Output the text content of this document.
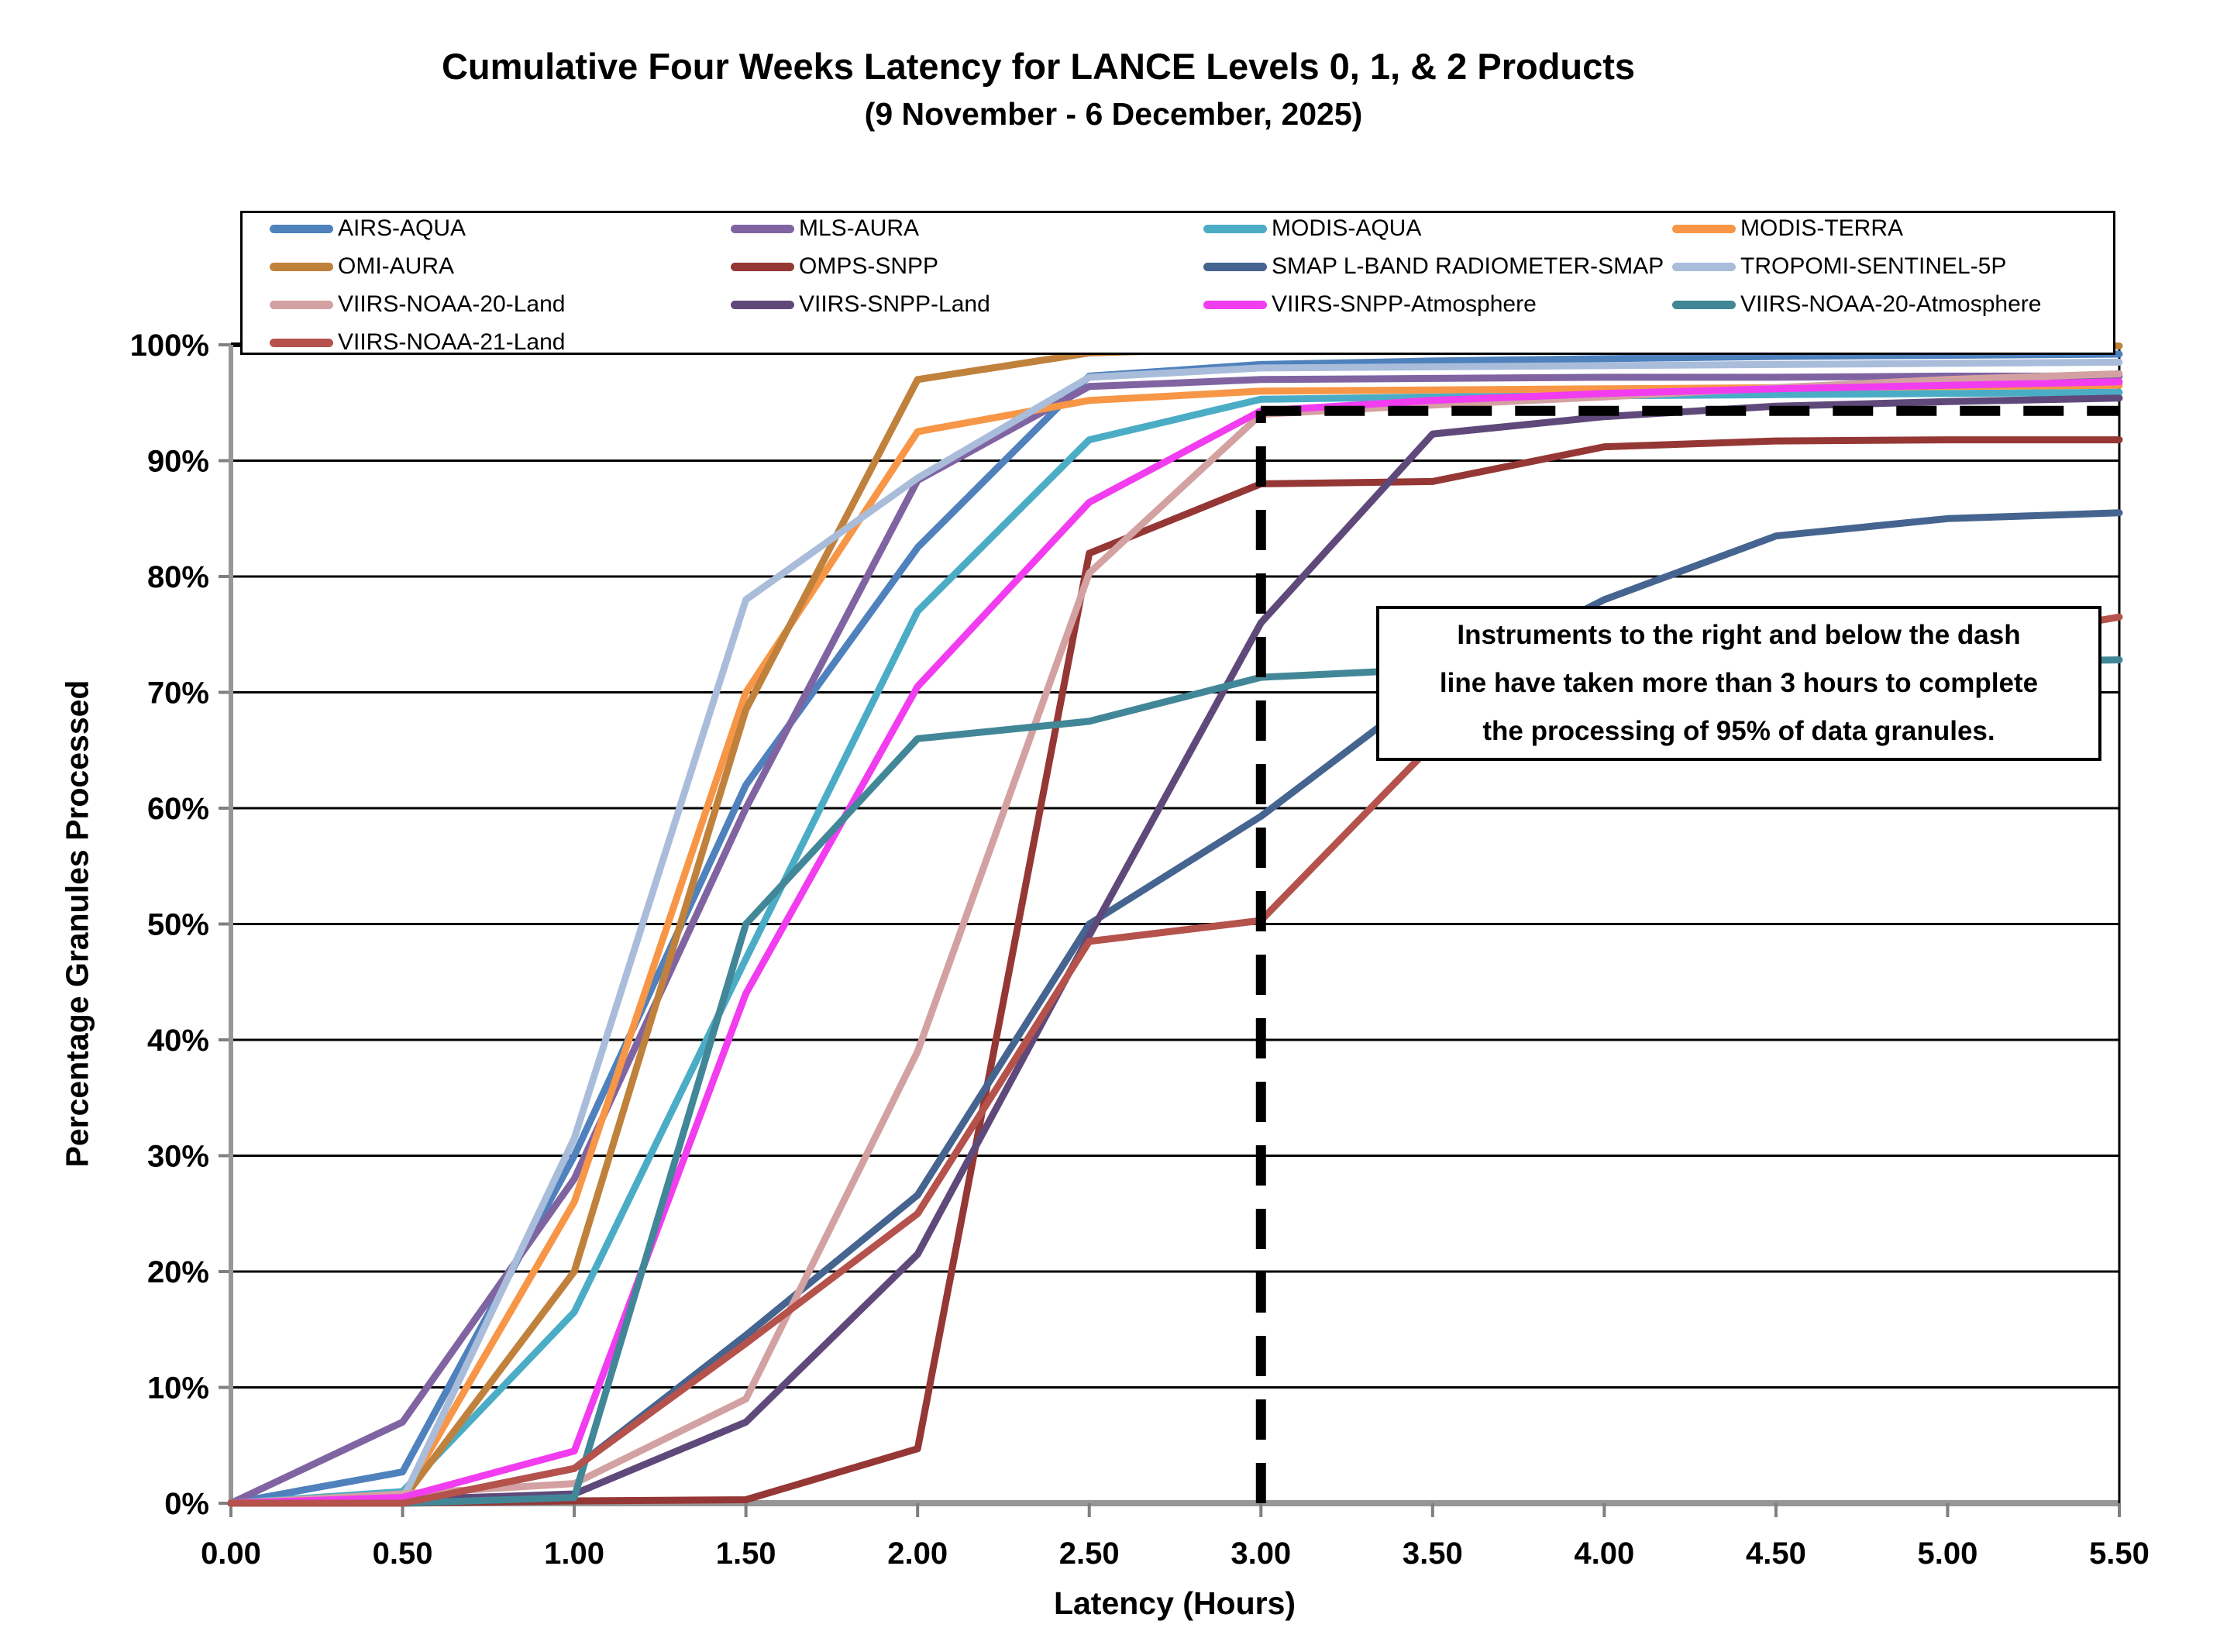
100%
90%
80%
70%
60%
50%
40%
30%
20%
10%
0%
0.00	0.50	1.00	1.50	2.00	2.50	3.00	3.50	4.00	4.50	5.00	5.50
Cumulative Four Weeks Latency for LANCE Levels 0, 1, & 2 Products
(9 November - 6 December, 2025)
Percentage Granules Processed
Latency (Hours)
AIRS-AQUA
OMI-AURA
VIIRS-NOAA-20-Land
VIIRS-NOAA-21-Land
MLS-AURA
OMPS-SNPP
VIIRS-SNPP-Land
MODIS-AQUA
SMAP L-BAND RADIOMETER-SMAP
VIIRS-SNPP-Atmosphere
MODIS-TERRA
TROPOMI-SENTINEL-5P
VIIRS-NOAA-20-Atmosphere
Instruments to the right and below the dash
line have taken more than 3 hours to complete
the processing of 95% of data granules.
